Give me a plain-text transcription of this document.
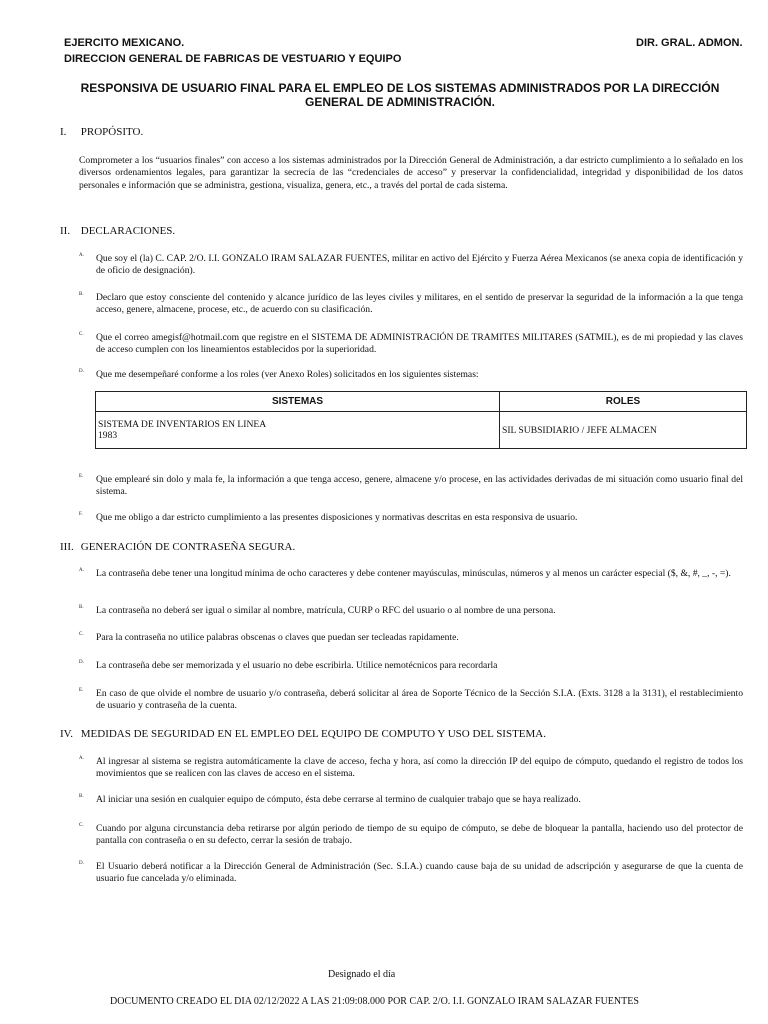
EJERCITO MEXICANO.
DIRECCION GENERAL DE FABRICAS DE VESTUARIO Y EQUIPO
DIR. GRAL. ADMON.
RESPONSIVA DE USUARIO FINAL PARA EL EMPLEO DE LOS SISTEMAS ADMINISTRADOS POR LA DIRECCIÓN GENERAL DE ADMINISTRACIÓN.
I. PROPÓSITO.
Comprometer a los “usuarios finales” con acceso a los sistemas administrados por la Dirección General de Administración, a dar estricto cumplimiento a lo señalado en los diversos ordenamientos legales, para garantizar la secrecía de las “credenciales de acceso” y preservar la confidencialidad, integridad y disponibilidad de los datos personales e información que se administra, gestiona, visualiza, genera, etc., a través del portal de cada sistema.
II. DECLARACIONES.
A. Que soy el (la) C. CAP. 2/O. I.I. GONZALO IRAM SALAZAR FUENTES, militar en activo del Ejército y Fuerza Aérea Mexicanos (se anexa copia de identificación y de oficio de designación).
B. Declaro que estoy consciente del contenido y alcance jurídico de las leyes civiles y militares, en el sentido de preservar la seguridad de la información a la que tenga acceso, genere, almacene, procese, etc., de acuerdo con su clasificación.
C. Que el correo amegisf@hotmail.com que registre en el SISTEMA DE ADMINISTRACIÓN DE TRAMITES MILITARES (SATMIL), es de mi propiedad y las claves de acceso cumplen con los lineamientos establecidos por la superioridad.
D. Que me desempeñaré conforme a los roles (ver Anexo Roles) solicitados en los siguientes sistemas:
SISTEMAS	ROLES

SISTEMA DE INVENTARIOS EN LINEA
1983	SIL SUBSIDIARIO / JEFE ALMACEN
E. Que emplearé sin dolo y mala fe, la información a que tenga acceso, genere, almacene y/o procese, en las actividades derivadas de mi situación como usuario final del sistema.
F. Que me obligo a dar estricto cumplimiento a las presentes disposiciones y normativas descritas en esta responsiva de usuario.
III. GENERACIÓN DE CONTRASEÑA SEGURA.
A. La contraseña debe tener una longitud mínima de ocho caracteres y debe contener mayúsculas, minúsculas, números y al menos un carácter especial ($, &, #, _, -, =).
B. La contraseña no deberá ser igual o similar al nombre, matrícula, CURP o RFC del usuario o al nombre de una persona.
C. Para la contraseña no utilice palabras obscenas o claves que puedan ser tecleadas rapidamente.
D. La contraseña debe ser memorizada y el usuario no debe escribirla. Utilice nemotécnicos para recordarla
E. En caso de que olvide el nombre de usuario y/o contraseña, deberá solicitar al área de Soporte Técnico de la Sección S.I.A. (Exts. 3128 a la 3131), el restablecimiento de usuario y contraseña de la cuenta.
IV. MEDIDAS DE SEGURIDAD EN EL EMPLEO DEL EQUIPO DE COMPUTO Y USO DEL SISTEMA.
A. Al ingresar al sistema se registra automáticamente la clave de acceso, fecha y hora, así como la dirección IP del equipo de cómputo, quedando el registro de todos los movimientos que se realicen con las claves de acceso en el sistema.
B. Al iniciar una sesión en cualquier equipo de cómputo, ésta debe cerrarse al termino de cualquier trabajo que se haya realizado.
C. Cuando por alguna circunstancia deba retirarse por algún periodo de tiempo de su equipo de cómputo, se debe de bloquear la pantalla, haciendo uso del protector de pantalla con contraseña o en su defecto, cerrar la sesión de trabajo.
D. El Usuario deberá notificar a la Dirección General de Administración (Sec. S.I.A.) cuando cause baja de su unidad de adscripción y asegurarse de que la cuenta de usuario fue cancelada y/o eliminada.
Designado el día
DOCUMENTO CREADO EL DIA 02/12/2022 A LAS 21:09:08.000 POR CAP. 2/O. I.I. GONZALO IRAM SALAZAR FUENTES
